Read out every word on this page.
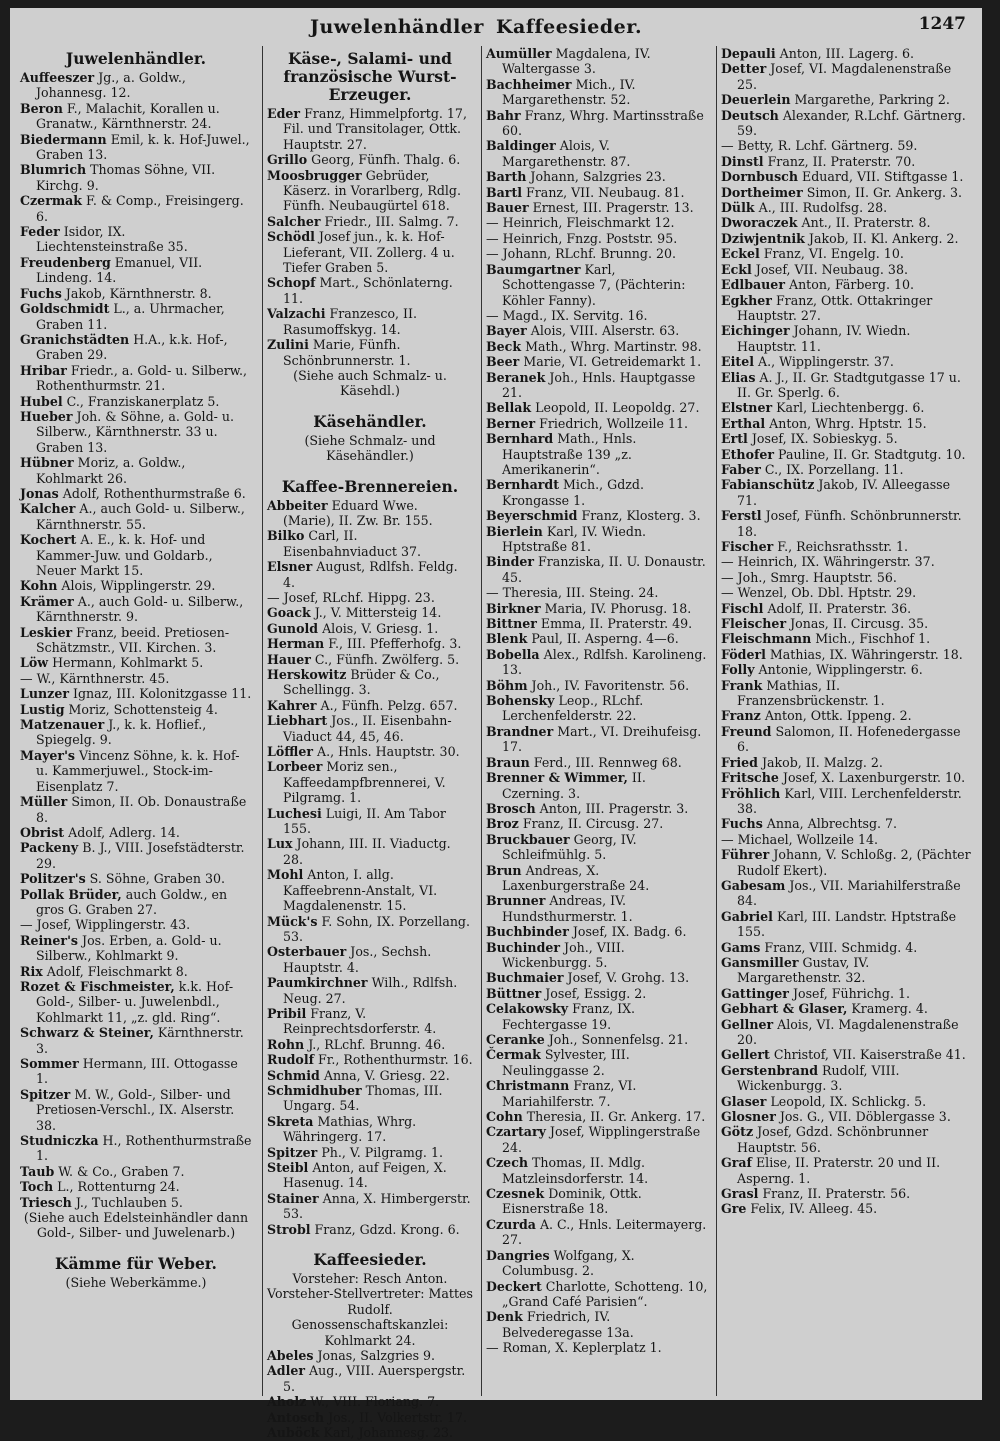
Juwelenhändler Kaffeesieder.	1247
Juwelenhändler.
Auffeeszer Jg., a. Goldw., Johannesg. 12.
Beron F., Malachit, Korallen u. Granatw., Kärnthnerstr. 24.
Biedermann Emil, k. k. Hof-Juwel., Graben 13.
Blumrich Thomas Söhne, VII. Kirchg. 9.
Czermak F. & Comp., Freisingerg. 6.
Feder Isidor, IX. Liechtensteinstraße 35.
Freudenberg Emanuel, VII. Lindeng. 14.
Fuchs Jakob, Kärnthnerstr. 8.
Goldschmidt L., a. Uhrmacher, Graben 11.
Granichstädten H.A., k.k. Hof-, Graben 29.
Hribar Friedr., a. Gold- u. Silberw., Rothenthurmstr. 21.
Hubel C., Franziskanerplatz 5.
Hueber Joh. & Söhne, a. Gold- u. Silberw., Kärnthnerstr. 33 u. Graben 13.
Hübner Moriz, a. Goldw., Kohlmarkt 26.
Jonas Adolf, Rothenthurmstraße 6.
Kalcher A., auch Gold- u. Silberw., Kärnthnerstr. 55.
Kochert A. E., k. k. Hof- und Kammer-Juw. und Goldarb., Neuer Markt 15.
Kohn Alois, Wipplingerstr. 29.
Krämer A., auch Gold- u. Silberw., Kärnthnerstr. 9.
Leskier Franz, beeid. Pretiosen-Schätzmstr., VII. Kirchen. 3.
Löw Hermann, Kohlmarkt 5.
— W., Kärnthnerstr. 45.
Lunzer Ignaz, III. Kolonitzgasse 11.
Lustig Moriz, Schottensteig 4.
Matzenauer J., k. k. Hoflief., Spiegelg. 9.
Mayer's Vincenz Söhne, k. k. Hof- u. Kammerjuwel., Stock-im-Eisenplatz 7.
Müller Simon, II. Ob. Donaustraße 8.
Obrist Adolf, Adlerg. 14.
Packeny B. J., VIII. Josefstädterstr. 29.
Politzer's S. Söhne, Graben 30.
Pollak Brüder, auch Goldw., en gros G. Graben 27.
— Josef, Wipplingerstr. 43.
Reiner's Jos. Erben, a. Gold- u. Silberw., Kohlmarkt 9.
Rix Adolf, Fleischmarkt 8.
Rozet & Fischmeister, k.k. Hof-Gold-, Silber- u. Juwelenbdl., Kohlmarkt 11, „z. gld. Ring“.
Schwarz & Steiner, Kärnthnerstr. 3.
Sommer Hermann, III. Ottogasse 1.
Spitzer M. W., Gold-, Silber- und Pretiosen-Verschl., IX. Alserstr. 38.
Studniczka H., Rothenthurmstraße 1.
Taub W. & Co., Graben 7.
Toch L., Rottenturng 24.
Triesch J., Tuchlauben 5.
(Siehe auch Edelsteinhändler dann Gold-, Silber- und Juwelenarb.)
Kämme für Weber.
(Siehe Weberkämme.)
Käse-, Salami- und französische Wurst-Erzeuger.
Eder Franz, Himmelpfortg. 17, Fil. und Transitolager, Ottk. Hauptstr. 27.
Grillo Georg, Fünfh. Thalg. 6.
Moosbrugger Gebrüder, Käserz. in Vorarlberg, Rdlg. Fünfh. Neubaugürtel 618.
Salcher Friedr., III. Salmg. 7.
Schödl Josef jun., k. k. Hof-Lieferant, VII. Zollerg. 4 u. Tiefer Graben 5.
Schopf Mart., Schönlaterng. 11.
Valzachi Franzesco, II. Rasumoffskyg. 14.
Zulini Marie, Fünfh. Schönbrunnerstr. 1.
(Siehe auch Schmalz- u. Käsehdl.)
Käsehändler.
(Siehe Schmalz- und Käsehändler.)
Kaffee-Brennereien.
Abbeiter Eduard Wwe. (Marie), II. Zw. Br. 155.
Bilko Carl, II. Eisenbahnviaduct 37.
Elsner August, Rdlfsh. Feldg. 4.
— Josef, RLchf. Hippg. 23.
Goack J., V. Mittersteig 14.
Gunold Alois, V. Griesg. 1.
Herman F., III. Pfefferhofg. 3.
Hauer C., Fünfh. Zwölferg. 5.
Herskowitz Brüder & Co., Schellingg. 3.
Kahrer A., Fünfh. Pelzg. 657.
Liebhart Jos., II. Eisenbahn-Viaduct 44, 45, 46.
Löffler A., Hnls. Hauptstr. 30.
Lorbeer Moriz sen., Kaffeedampfbrennerei, V. Pilgramg. 1.
Luchesi Luigi, II. Am Tabor 155.
Lux Johann, III. II. Viaductg. 28.
Mohl Anton, I. allg. Kaffeebrenn-Anstalt, VI. Magdalenenstr. 15.
Mück's F. Sohn, IX. Porzellang. 53.
Osterbauer Jos., Sechsh. Hauptstr. 4.
Paumkirchner Wilh., Rdlfsh. Neug. 27.
Pribil Franz, V. Reinprechtsdorferstr. 4.
Rohn J., RLchf. Brunng. 46.
Rudolf Fr., Rothenthurmstr. 16.
Schmid Anna, V. Griesg. 22.
Schmidhuber Thomas, III. Ungarg. 54.
Skreta Mathias, Whrg. Währingerg. 17.
Spitzer Ph., V. Pilgramg. 1.
Steibl Anton, auf Feigen, X. Hasenug. 14.
Stainer Anna, X. Himbergerstr. 53.
Strobl Franz, Gdzd. Krong. 6.
Kaffeesieder.
Vorsteher: Resch Anton.
Vorsteher-Stellvertreter: Mattes Rudolf.
Genossenschaftskanzlei: Kohlmarkt 24.
Abeles Jonas, Salzgries 9.
Adler Aug., VIII. Auerspergstr. 5.
Aholz W., VIII. Floriang. 7.
Antosch Jos., II. Volkertstr. 17.
Auböck Karl, Johannesg. 23.
Aumüller Magdalena, IV. Waltergasse 3.
Bachheimer Mich., IV. Margarethenstr. 52.
Bahr Franz, Whrg. Martinsstraße 60.
Baldinger Alois, V. Margarethenstr. 87.
Barth Johann, Salzgries 23.
Bartl Franz, VII. Neubaug. 81.
Bauer Ernest, III. Pragerstr. 13.
— Heinrich, Fleischmarkt 12.
— Heinrich, Fnzg. Poststr. 95.
— Johann, RLchf. Brunng. 20.
Baumgartner Karl, Schottengasse 7, (Pächterin: Köhler Fanny).
— Magd., IX. Servitg. 16.
Bayer Alois, VIII. Alserstr. 63.
Beck Math., Whrg. Martinstr. 98.
Beer Marie, VI. Getreidemarkt 1.
Beranek Joh., Hnls. Hauptgasse 21.
Bellak Leopold, II. Leopoldg. 27.
Berner Friedrich, Wollzeile 11.
Bernhard Math., Hnls. Hauptstraße 139 „z. Amerikanerin“.
Bernhardt Mich., Gdzd. Krongasse 1.
Beyerschmid Franz, Klosterg. 3.
Bierlein Karl, IV. Wiedn. Hptstraße 81.
Binder Franziska, II. U. Donaustr. 45.
— Theresia, III. Steing. 24.
Birkner Maria, IV. Phorusg. 18.
Bittner Emma, II. Praterstr. 49.
Blenk Paul, II. Asperng. 4—6.
Bobella Alex., Rdlfsh. Karolineng. 13.
Böhm Joh., IV. Favoritenstr. 56.
Bohensky Leop., RLchf. Lerchenfelderstr. 22.
Brandner Mart., VI. Dreihufeisg. 17.
Braun Ferd., III. Rennweg 68.
Brenner & Wimmer, II. Czerning. 3.
Brosch Anton, III. Pragerstr. 3.
Broz Franz, II. Circusg. 27.
Bruckbauer Georg, IV. Schleifmühlg. 5.
Brun Andreas, X. Laxenburgerstraße 24.
Brunner Andreas, IV. Hundsthurmerstr. 1.
Buchbinder Josef, IX. Badg. 6.
Buchinder Joh., VIII. Wickenburgg. 5.
Buchmaier Josef, V. Grohg. 13.
Büttner Josef, Essigg. 2.
Celakowsky Franz, IX. Fechtergasse 19.
Ceranke Joh., Sonnenfelsg. 21.
Čermak Sylvester, III. Neulinggasse 2.
Christmann Franz, VI. Mariahilferstr. 7.
Cohn Theresia, II. Gr. Ankerg. 17.
Czartary Josef, Wipplingerstraße 24.
Czech Thomas, II. Mdlg. Matzleinsdorferstr. 14.
Czesnek Dominik, Ottk. Eisnerstraße 18.
Czurda A. C., Hnls. Leitermayerg. 27.
Dangries Wolfgang, X. Columbusg. 2.
Deckert Charlotte, Schotteng. 10, „Grand Café Parisien“.
Denk Friedrich, IV. Belvederegasse 13a.
— Roman, X. Keplerplatz 1.
Depauli Anton, III. Lagerg. 6.
Detter Josef, VI. Magdalenenstraße 25.
Deuerlein Margarethe, Parkring 2.
Deutsch Alexander, R.Lchf. Gärtnerg. 59.
— Betty, R. Lchf. Gärtnerg. 59.
Dinstl Franz, II. Praterstr. 70.
Dornbusch Eduard, VII. Stiftgasse 1.
Dortheimer Simon, II. Gr. Ankerg. 3.
Dülk A., III. Rudolfsg. 28.
Dworaczek Ant., II. Praterstr. 8.
Dziwjentnik Jakob, II. Kl. Ankerg. 2.
Eckel Franz, VI. Engelg. 10.
Eckl Josef, VII. Neubaug. 38.
Edlbauer Anton, Färberg. 10.
Egkher Franz, Ottk. Ottakringer Hauptstr. 27.
Eichinger Johann, IV. Wiedn. Hauptstr. 11.
Eitel A., Wipplingerstr. 37.
Elias A. J., II. Gr. Stadtgutgasse 17 u. II. Gr. Sperlg. 6.
Elstner Karl, Liechtenbergg. 6.
Erthal Anton, Whrg. Hptstr. 15.
Ertl Josef, IX. Sobieskyg. 5.
Ethofer Pauline, II. Gr. Stadtgutg. 10.
Faber C., IX. Porzellang. 11.
Fabianschütz Jakob, IV. Alleegasse 71.
Ferstl Josef, Fünfh. Schönbrunnerstr. 18.
Fischer F., Reichsrathsstr. 1.
— Heinrich, IX. Währingerstr. 37.
— Joh., Smrg. Hauptstr. 56.
— Wenzel, Ob. Dbl. Hptstr. 29.
Fischl Adolf, II. Praterstr. 36.
Fleischer Jonas, II. Circusg. 35.
Fleischmann Mich., Fischhof 1.
Föderl Mathias, IX. Währingerstr. 18.
Folly Antonie, Wipplingerstr. 6.
Frank Mathias, II. Franzensbrückenstr. 1.
Franz Anton, Ottk. Ippeng. 2.
Freund Salomon, II. Hofenedergasse 6.
Fried Jakob, II. Malzg. 2.
Fritsche Josef, X. Laxenburgerstr. 10.
Fröhlich Karl, VIII. Lerchenfelderstr. 38.
Fuchs Anna, Albrechtsg. 7.
— Michael, Wollzeile 14.
Führer Johann, V. Schloßg. 2, (Pächter Rudolf Ekert).
Gabesam Jos., VII. Mariahilferstraße 84.
Gabriel Karl, III. Landstr. Hptstraße 155.
Gams Franz, VIII. Schmidg. 4.
Gansmiller Gustav, IV. Margarethenstr. 32.
Gattinger Josef, Führichg. 1.
Gebhart & Glaser, Kramerg. 4.
Gellner Alois, VI. Magdalenenstraße 20.
Gellert Christof, VII. Kaiserstraße 41.
Gerstenbrand Rudolf, VIII. Wickenburgg. 3.
Glaser Leopold, IX. Schlickg. 5.
Glosner Jos. G., VII. Döblergasse 3.
Götz Josef, Gdzd. Schönbrunner Hauptstr. 56.
Graf Elise, II. Praterstr. 20 und II. Asperng. 1.
Grasl Franz, II. Praterstr. 56.
Gre Felix, IV. Alleeg. 45.
